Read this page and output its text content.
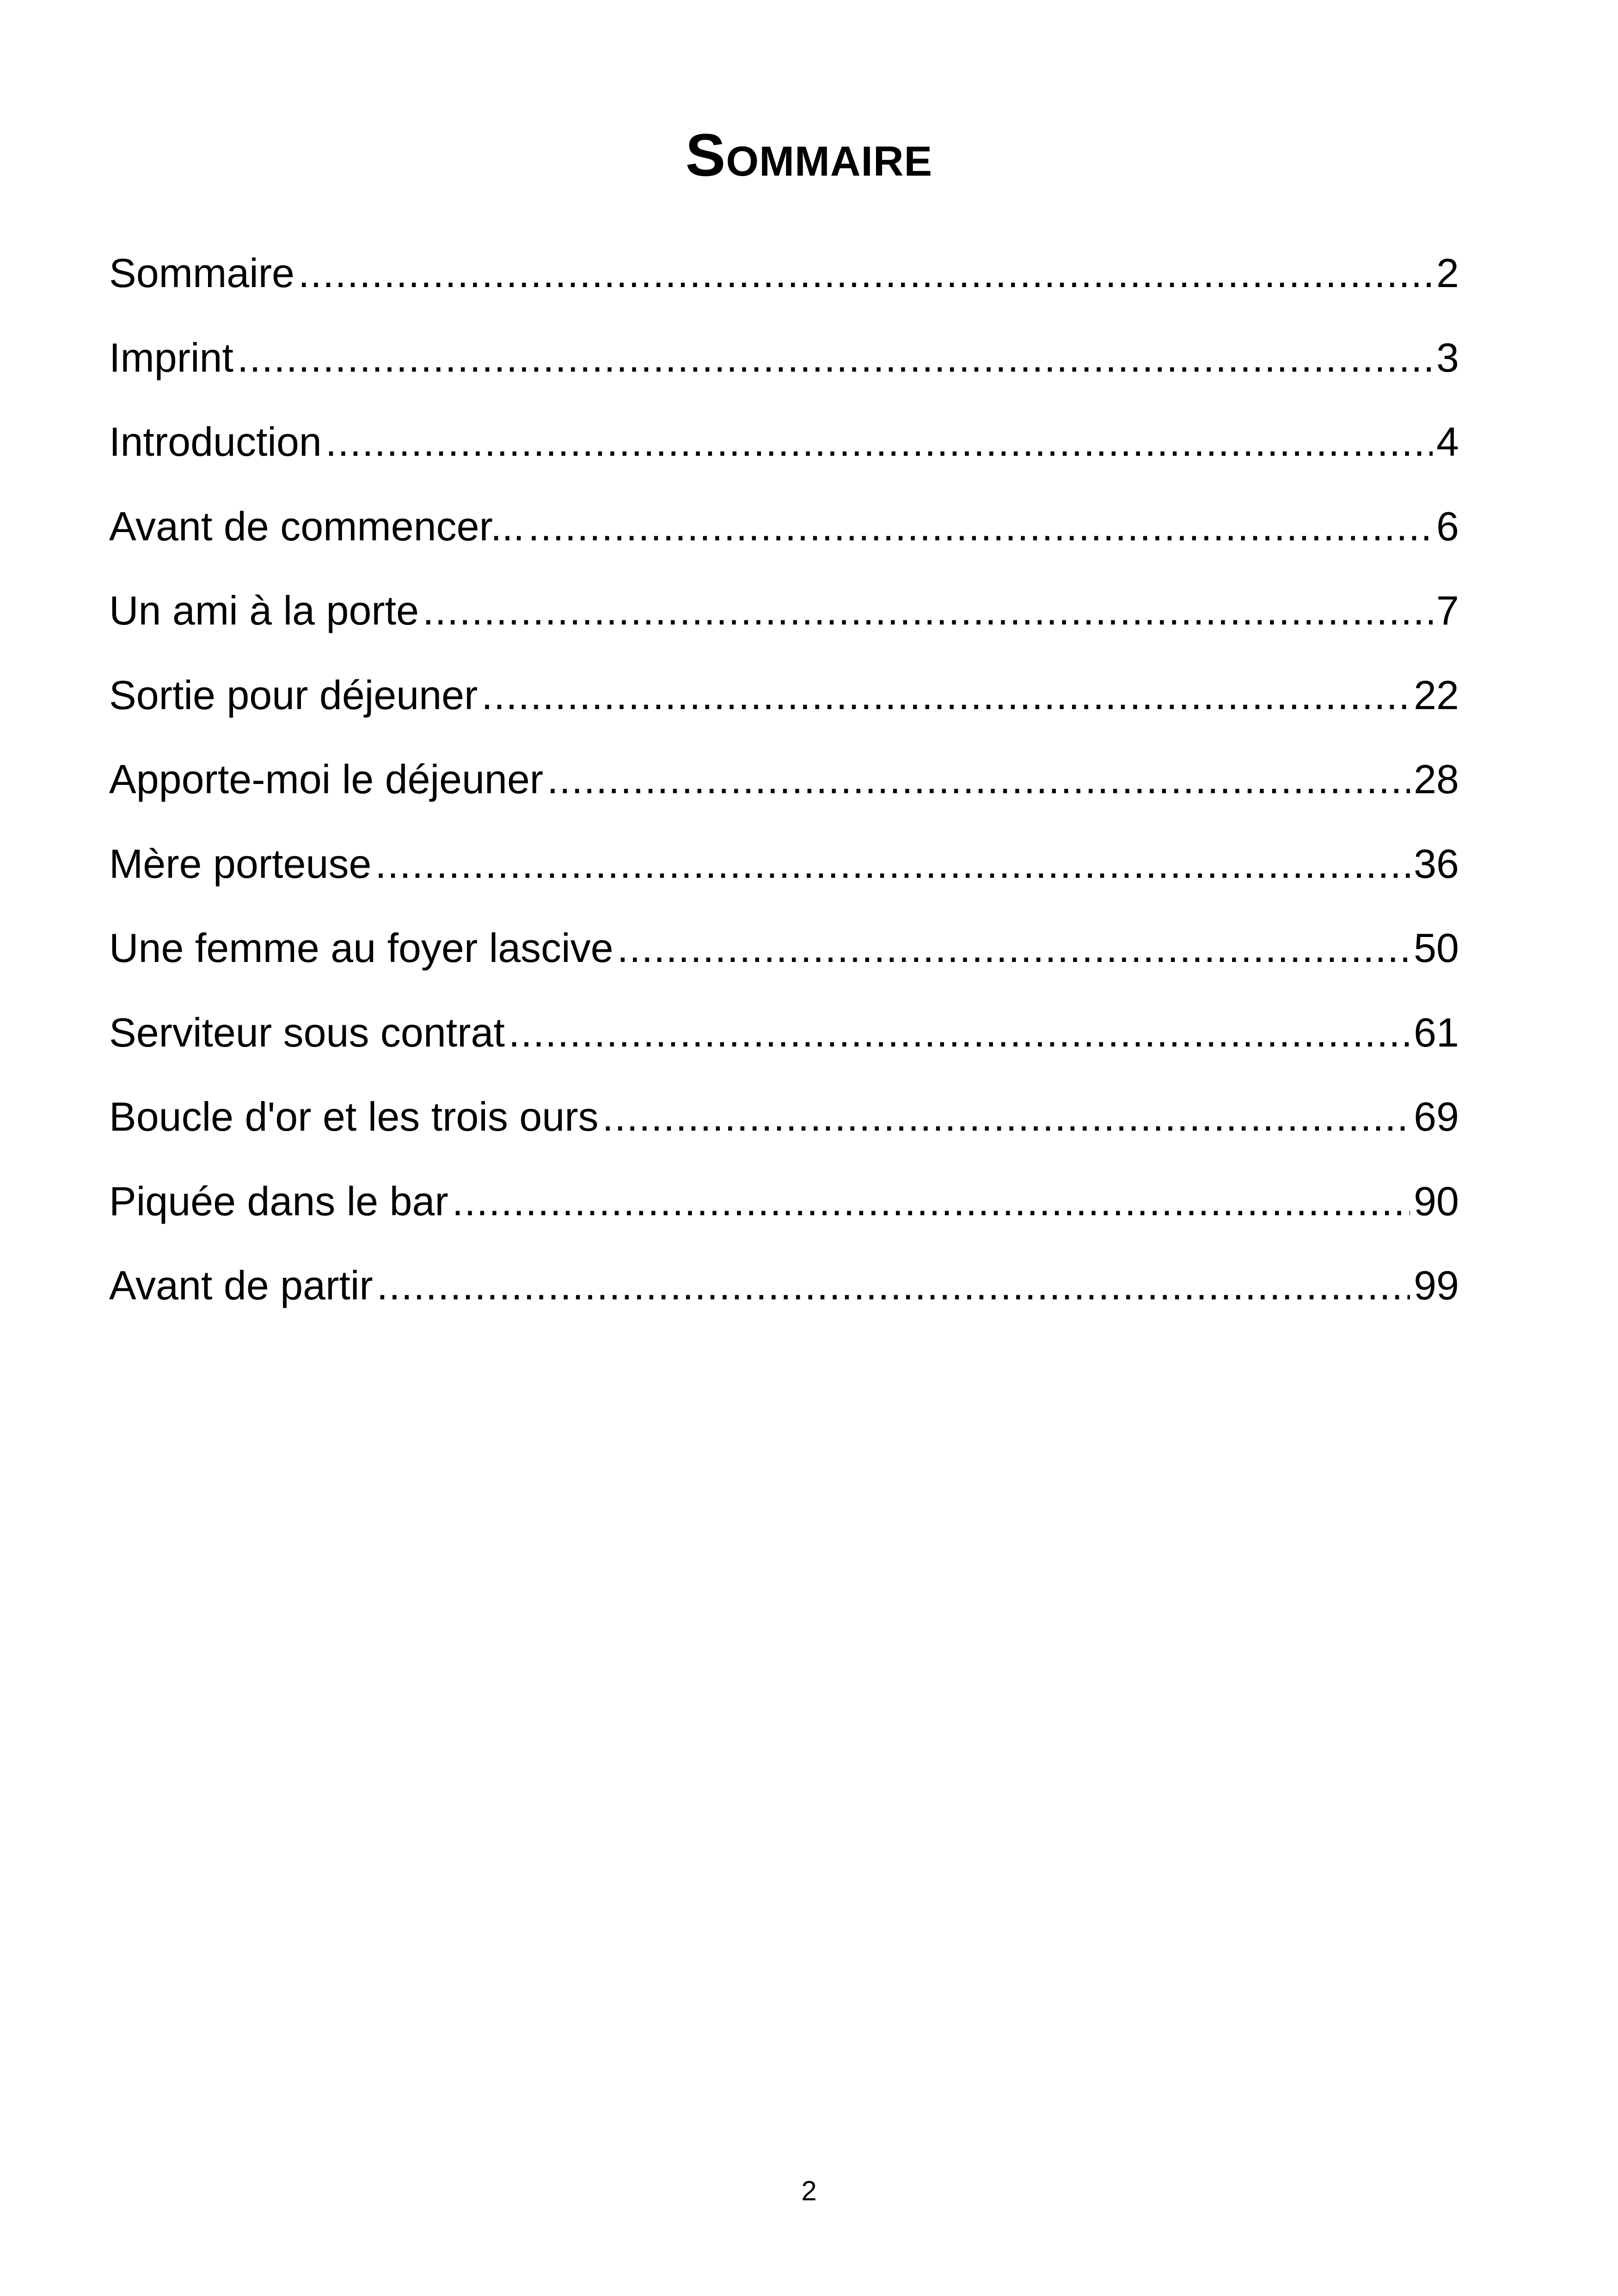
Sommaire
Sommaire .....	2
Imprint .....	3
Introduction .....	4
Avant de commencer... .....	6
Un ami à la porte .....	7
Sortie pour déjeuner .....	22
Apporte-moi le déjeuner .....	28
Mère porteuse .....	36
Une femme au foyer lascive .....	50
Serviteur sous contrat .....	61
Boucle d'or et les trois ours .....	69
Piquée dans le bar .....	90
Avant de partir .....	99
2
